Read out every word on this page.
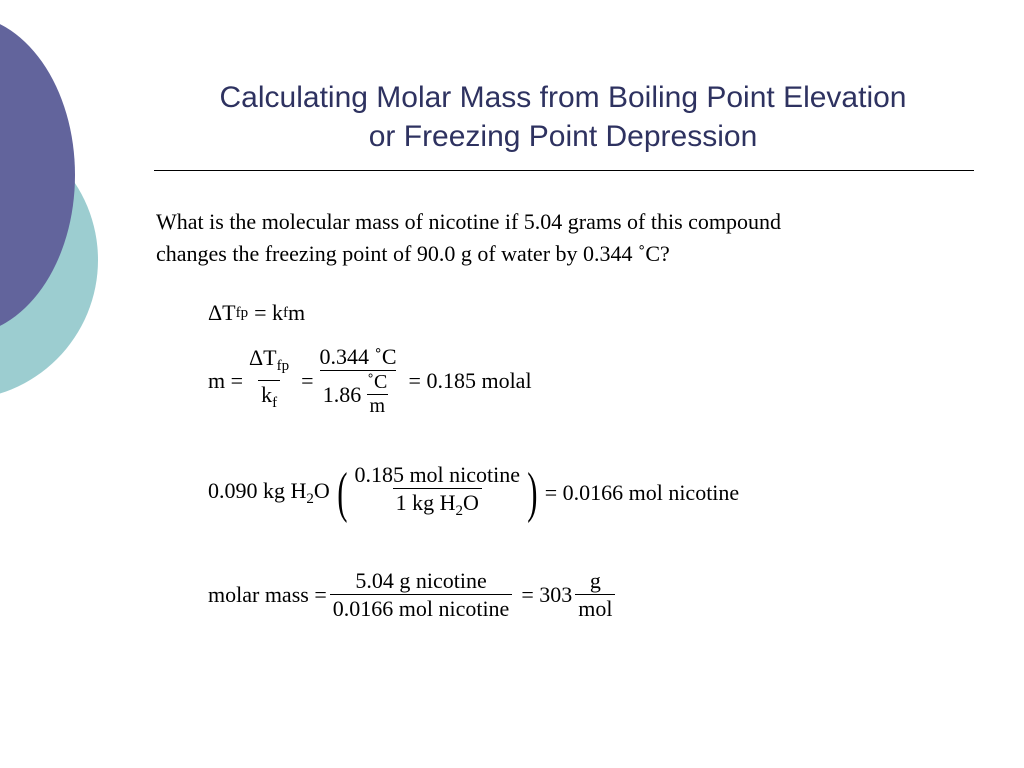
Calculating Molar Mass from Boiling Point Elevation
or Freezing Point Depression
What is the molecular mass of nicotine if 5.04 grams of this compound
changes the freezing point of 90.0 g of water by 0.344 ˚C?
ΔT fp = k f m
$m = \frac{\Delta T_{fp}}{k_f} = \frac{0.344 ˚C}{1.86 \frac{˚C}{m}} = 0.185$ molal
0.090 kg $H_2O$ ( $\frac{\text{0.185 mol nicotine}}{1 kg H_2O}$ ) = 0.0166 mol nicotine
molar mass = $\frac{\text{5.04 g nicotine}}{\text{0.0166 mol nicotine}} = 303 \frac{g}{\text{mol}}$
